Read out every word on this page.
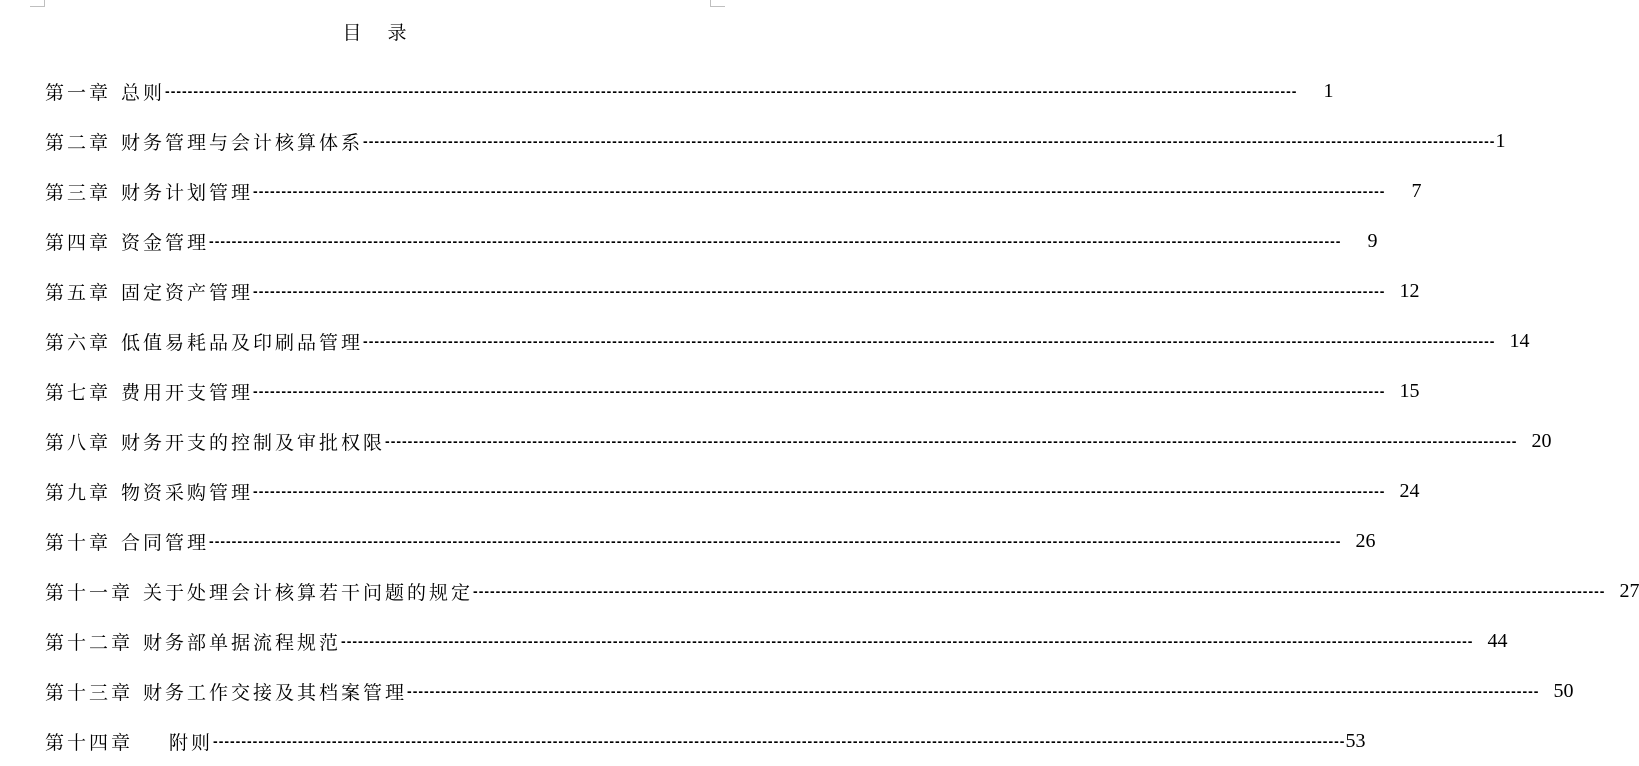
目 录
第一章 总则 --------------------------------------------------------------------------------------------------------------------------------------------------------------------------------------------------------	1
第二章 财务管理与会计核算体系 -------------------------------------------------------------------------------------------------------------------------------------------------------------------------------------------------------- 1
第三章 财务计划管理 --------------------------------------------------------------------------------------------------------------------------------------------------------------------------------------------------------	7
第四章 资金管理 --------------------------------------------------------------------------------------------------------------------------------------------------------------------------------------------------------	9
第五章 固定资产管理 -------------------------------------------------------------------------------------------------------------------------------------------------------------------------------------------------------- 12
第六章 低值易耗品及印刷品管理 -------------------------------------------------------------------------------------------------------------------------------------------------------------------------------------------------------- 14
第七章 费用开支管理 -------------------------------------------------------------------------------------------------------------------------------------------------------------------------------------------------------- 15
第八章 财务开支的控制及审批权限 -------------------------------------------------------------------------------------------------------------------------------------------------------------------------------------------------------- 20
第九章 物资采购管理 -------------------------------------------------------------------------------------------------------------------------------------------------------------------------------------------------------- 24
第十章 合同管理 -------------------------------------------------------------------------------------------------------------------------------------------------------------------------------------------------------- 26
第十一章 关于处理会计核算若干问题的规定 -------------------------------------------------------------------------------------------------------------------------------------------------------------------------------------------------------- 27
第十二章 财务部单据流程规范 -------------------------------------------------------------------------------------------------------------------------------------------------------------------------------------------------------- 44
第十三章 财务工作交接及其档案管理 -------------------------------------------------------------------------------------------------------------------------------------------------------------------------------------------------------- 50
第十四章 附则 -------------------------------------------------------------------------------------------------------------------------------------------------------------------------------------------------------- 53
